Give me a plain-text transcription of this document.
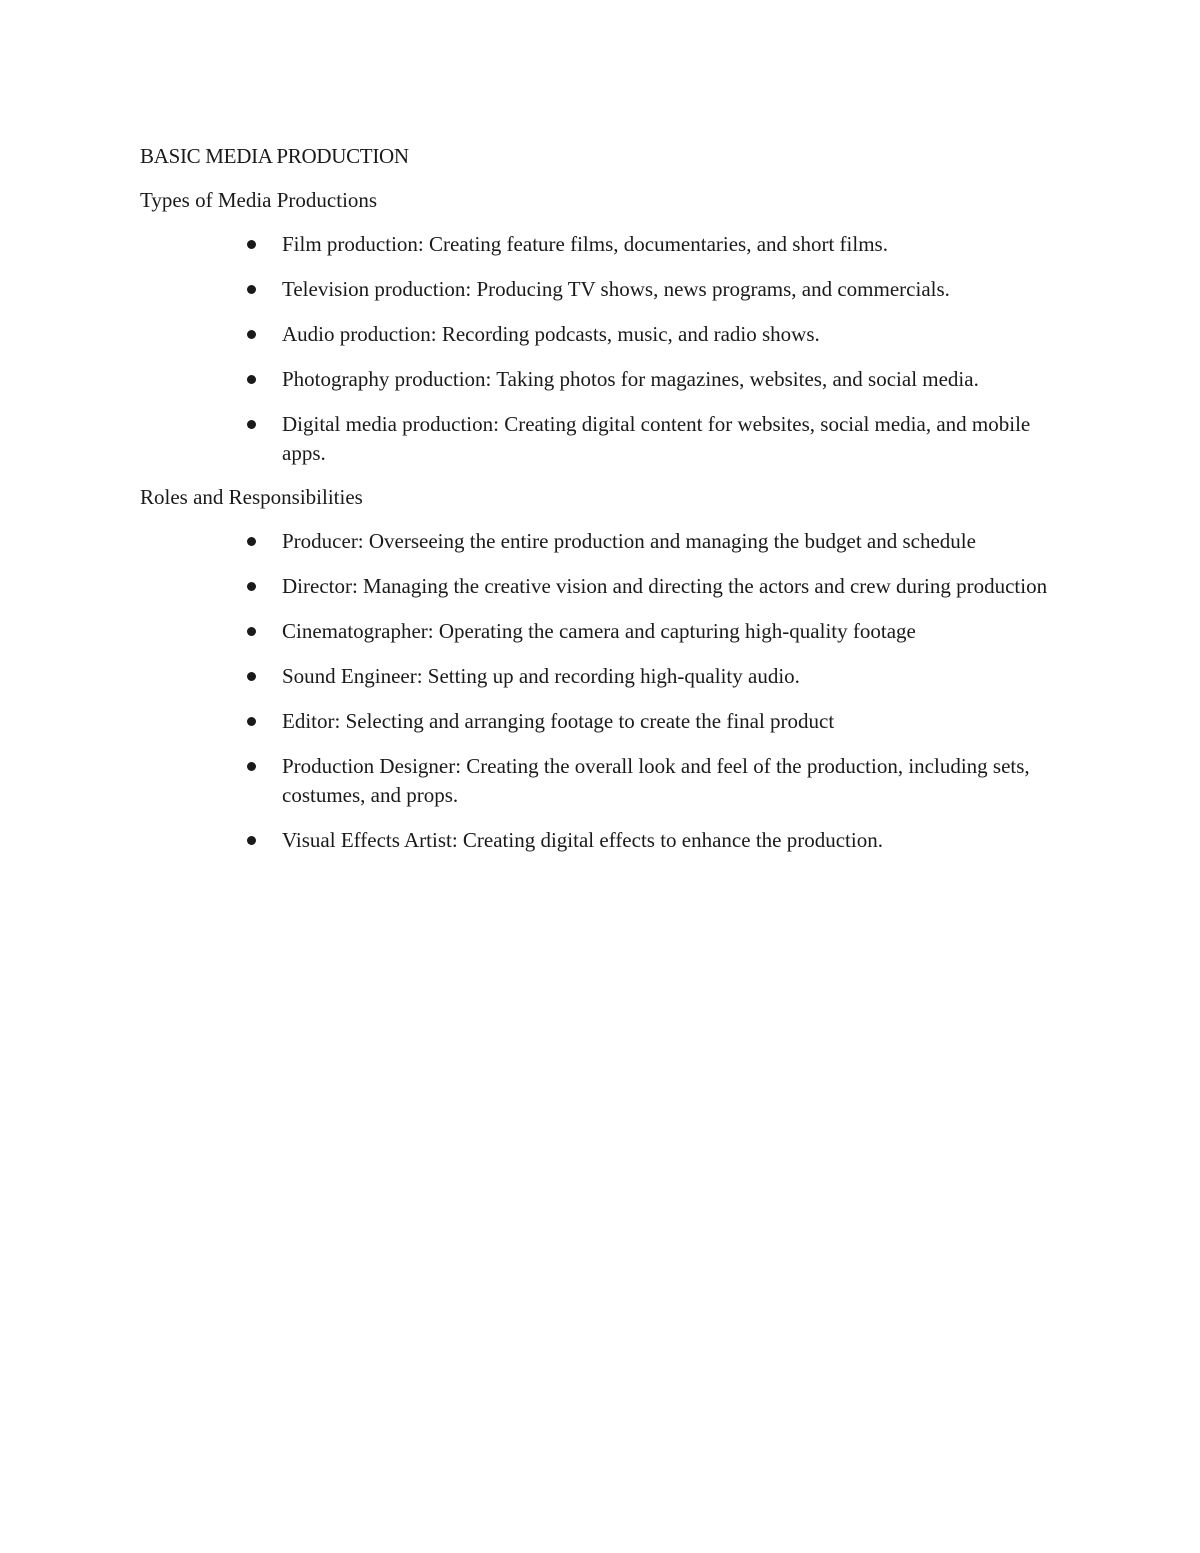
BASIC MEDIA PRODUCTION
Types of Media Productions
Film production: Creating feature films, documentaries, and short films.
Television production: Producing TV shows, news programs, and commercials.
Audio production: Recording podcasts, music, and radio shows.
Photography production: Taking photos for magazines, websites, and social media.
Digital media production: Creating digital content for websites, social media, and mobile apps.
Roles and Responsibilities
Producer: Overseeing the entire production and managing the budget and schedule
Director: Managing the creative vision and directing the actors and crew during production
Cinematographer: Operating the camera and capturing high-quality footage
Sound Engineer: Setting up and recording high-quality audio.
Editor: Selecting and arranging footage to create the final product
Production Designer: Creating the overall look and feel of the production, including sets, costumes, and props.
Visual Effects Artist: Creating digital effects to enhance the production.
